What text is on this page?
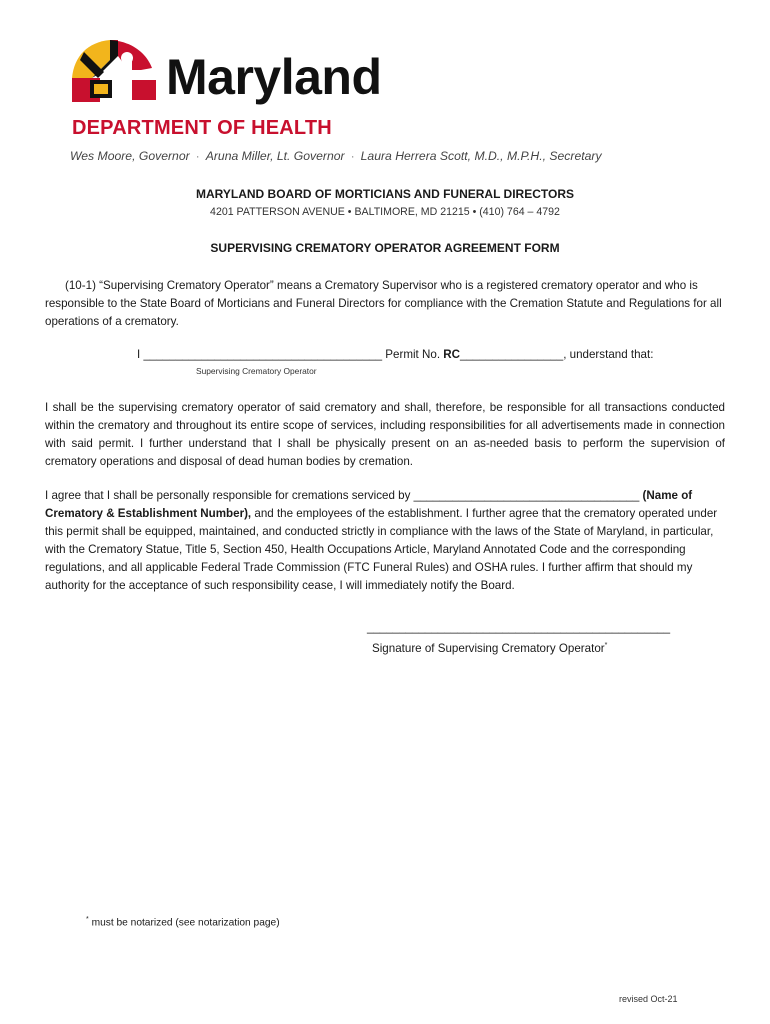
Maryland
DEPARTMENT OF HEALTH
Wes Moore, Governor · Aruna Miller, Lt. Governor · Laura Herrera Scott, M.D., M.P.H., Secretary
MARYLAND BOARD OF MORTICIANS AND FUNERAL DIRECTORS
4201 PATTERSON AVENUE • BALTIMORE, MD 21215 • (410) 764 – 4792
SUPERVISING CREMATORY OPERATOR AGREEMENT FORM
(10-1) “Supervising Crematory Operator” means a Crematory Supervisor who is a registered crematory operator and who is responsible to the State Board of Morticians and Funeral Directors for compliance with the Cremation Statute and Regulations for all operations of a crematory.
I _____________________________________ Permit No. RC________________, understand that:
Supervising Crematory Operator
I shall be the supervising crematory operator of said crematory and shall, therefore, be responsible for all transactions conducted within the crematory and throughout its entire scope of services, including responsibilities for all advertisements made in connection with said permit. I further understand that I shall be physically present on an as-needed basis to perform the supervision of crematory operations and disposal of dead human bodies by cremation.
I agree that I shall be personally responsible for cremations serviced by ___________________________________ (Name of Crematory & Establishment Number), and the employees of the establishment. I further agree that the crematory operated under this permit shall be equipped, maintained, and conducted strictly in compliance with the laws of the State of Maryland, in particular, with the Crematory Statue, Title 5, Section 450, Health Occupations Article, Maryland Annotated Code and the corresponding regulations, and all applicable Federal Trade Commission (FTC Funeral Rules) and OSHA rules. I further affirm that should my authority for the acceptance of such responsibility cease, I will immediately notify the Board.
_______________________________________________
Signature of Supervising Crematory Operator*
* must be notarized (see notarization page)
revised Oct-21
